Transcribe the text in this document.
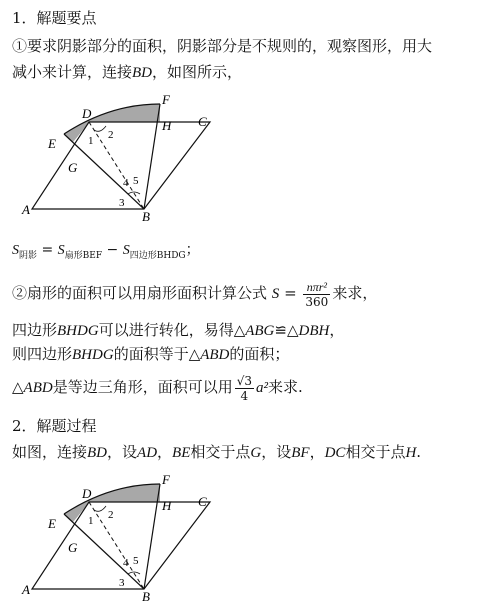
1．解题要点
①要求阴影部分的面积，阴影部分是不规则的，观察图形，用大
减小来计算，连接BD，如图所示，
D
F
H C
E
G
A	B
1 2
3
4 5
$S_{阴影} = S_{扇形BEF} - S_{四边形BHDG}$；
②扇形的面积可以用扇形面积计算公式 $S = \frac{\text{nπr²}}{360}$ 来求，
四边形BHDG可以进行转化，易得△ABG≌△DBH，
则四边形BHDG的面积等于△ABD的面积；
△ABD是等边三角形，面积可以用 $\frac{√3}{4} a^2$来求.
2．解题过程
如图，连接BD，设AD，BE相交于点G，设BF，DC相交于点H.
D
F
H C
E
G
A	B
1 2
3
4 5
